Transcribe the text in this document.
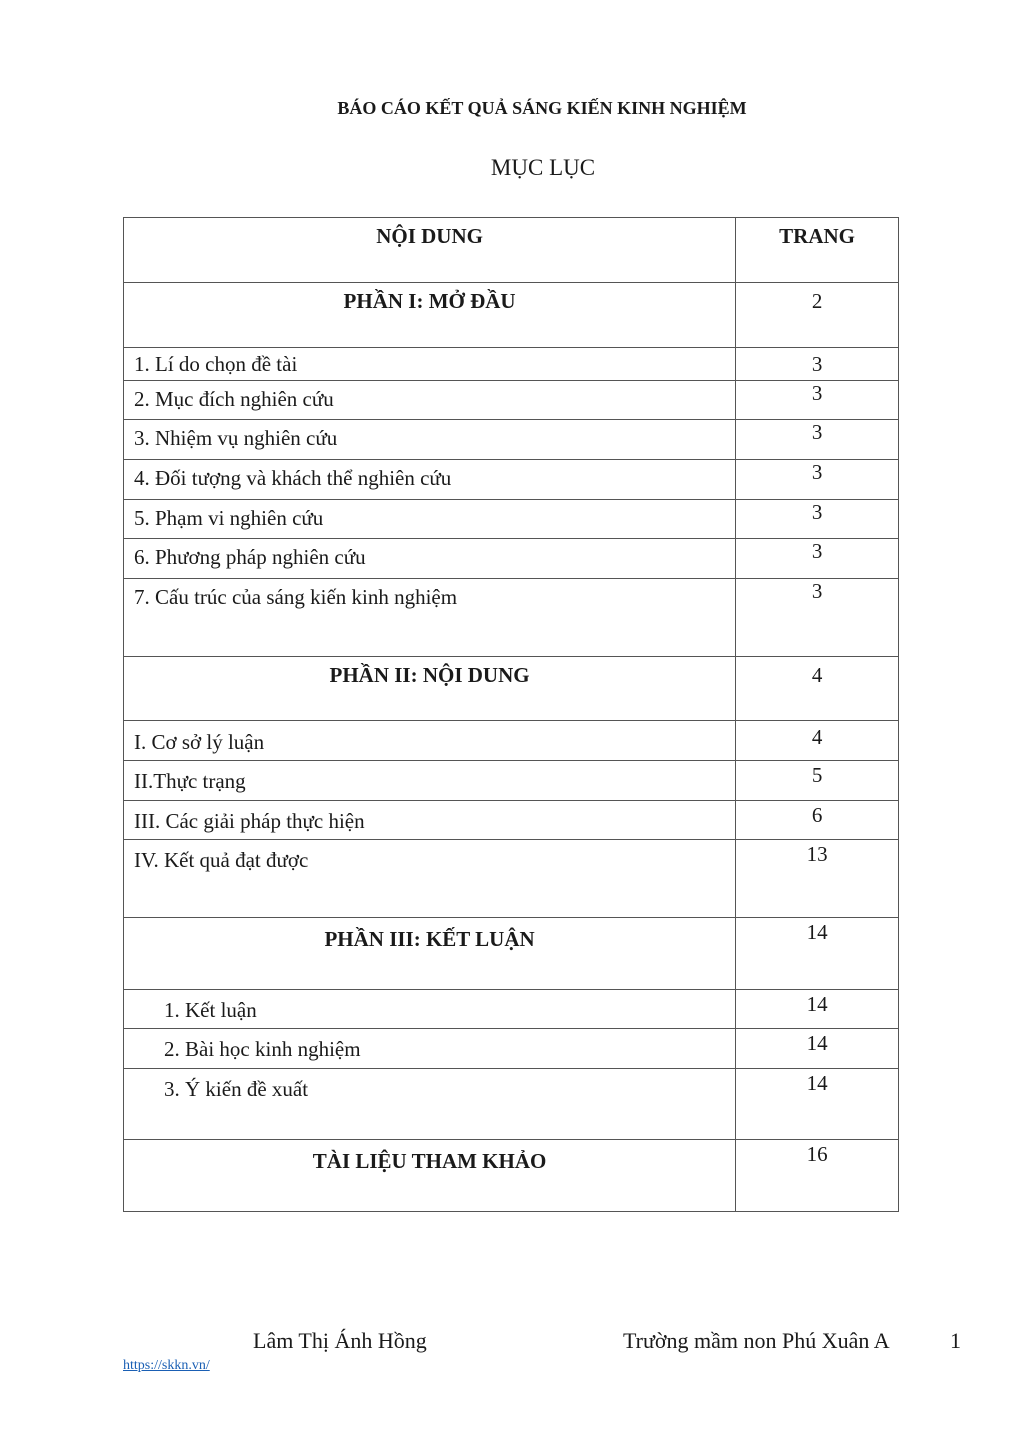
BÁO CÁO KẾT QUẢ SÁNG KIẾN KINH NGHIỆM
MỤC LỤC
NỘI DUNG	TRANG

PHẦN I: MỞ ĐẦU	2

1. Lí do chọn đề tài	3

2. Mục đích nghiên cứu	3

3. Nhiệm vụ nghiên cứu	3

4. Đối tượng và khách thể nghiên cứu	3

5. Phạm vi nghiên cứu	3

6. Phương pháp nghiên cứu	3

7. Cấu trúc của sáng kiến kinh nghiệm	3

PHẦN II: NỘI DUNG	4

I. Cơ sở lý luận	4

II.Thực trạng	5

III. Các giải pháp thực hiện	6

IV. Kết quả đạt được	13

PHẦN III: KẾT LUẬN	14

1. Kết luận	14

2. Bài học kinh nghiệm	14

3. Ý kiến đề xuất	14

TÀI LIỆU THAM KHẢO	16
Lâm Thị Ánh Hồng	Trường mầm non Phú Xuân A	1
https://skkn.vn/
